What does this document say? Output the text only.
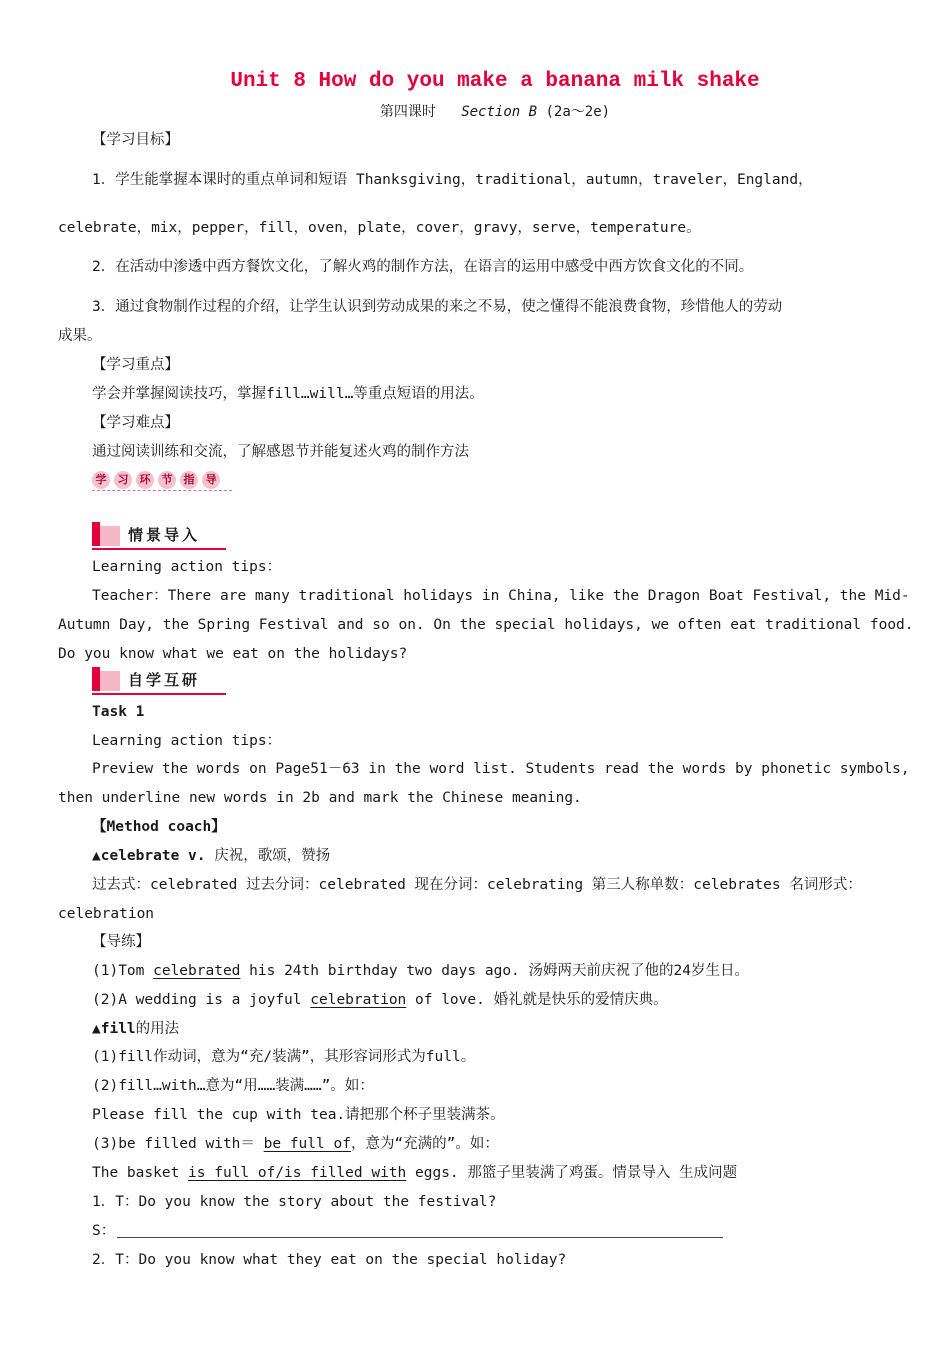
Unit 8 How do you make a banana milk shake
第四课时 Section B (2a～2e)
【学习目标】
1．学生能掌握本课时的重点单词和短语 Thanksgiving，traditional，autumn，traveler，England，
celebrate，mix，pepper，fill，oven，plate，cover，gravy，serve，temperature。
2．在活动中渗透中西方餐饮文化，了解火鸡的制作方法，在语言的运用中感受中西方饮食文化的不同。
3．通过食物制作过程的介绍，让学生认识到劳动成果的来之不易，使之懂得不能浪费食物，珍惜他人的劳动
成果。
【学习重点】
学会并掌握阅读技巧，掌握fill…will…等重点短语的用法。
【学习难点】
通过阅读训练和交流，了解感恩节并能复述火鸡的制作方法
学 习 环 节 指 导
情景导入
Learning action tips：
Teacher：There are many traditional holidays in China, like the Dragon Boat Festival, the Mid-
Autumn Day, the Spring Festival and so on. On the special holidays, we often eat traditional food.
Do you know what we eat on the holidays?
自学互研
Task 1
Learning action tips：
Preview the words on Page51－63 in the word list. Students read the words by phonetic symbols,
then underline new words in 2b and mark the Chinese meaning.
【Method coach】
▲celebrate v. 庆祝，歌颂，赞扬
过去式：celebrated 过去分词：celebrated 现在分词：celebrating 第三人称单数：celebrates 名词形式：
celebration
【导练】
(1)Tom celebrated his 24th birthday two days ago. 汤姆两天前庆祝了他的24岁生日。
(2)A wedding is a joyful celebration of love. 婚礼就是快乐的爱情庆典。
▲fill的用法
(1)fill作动词，意为“充/装满”，其形容词形式为full。
(2)fill…with…意为“用……装满……”。如：
Please fill the cup with tea.请把那个杯子里装满茶。
(3)be filled with＝ be full of，意为“充满的”。如：
The basket is full of/is filled with eggs. 那篮子里装满了鸡蛋。情景导入 生成问题
1．T：Do you know the story about the festival?
S：
2．T：Do you know what they eat on the special holiday?
